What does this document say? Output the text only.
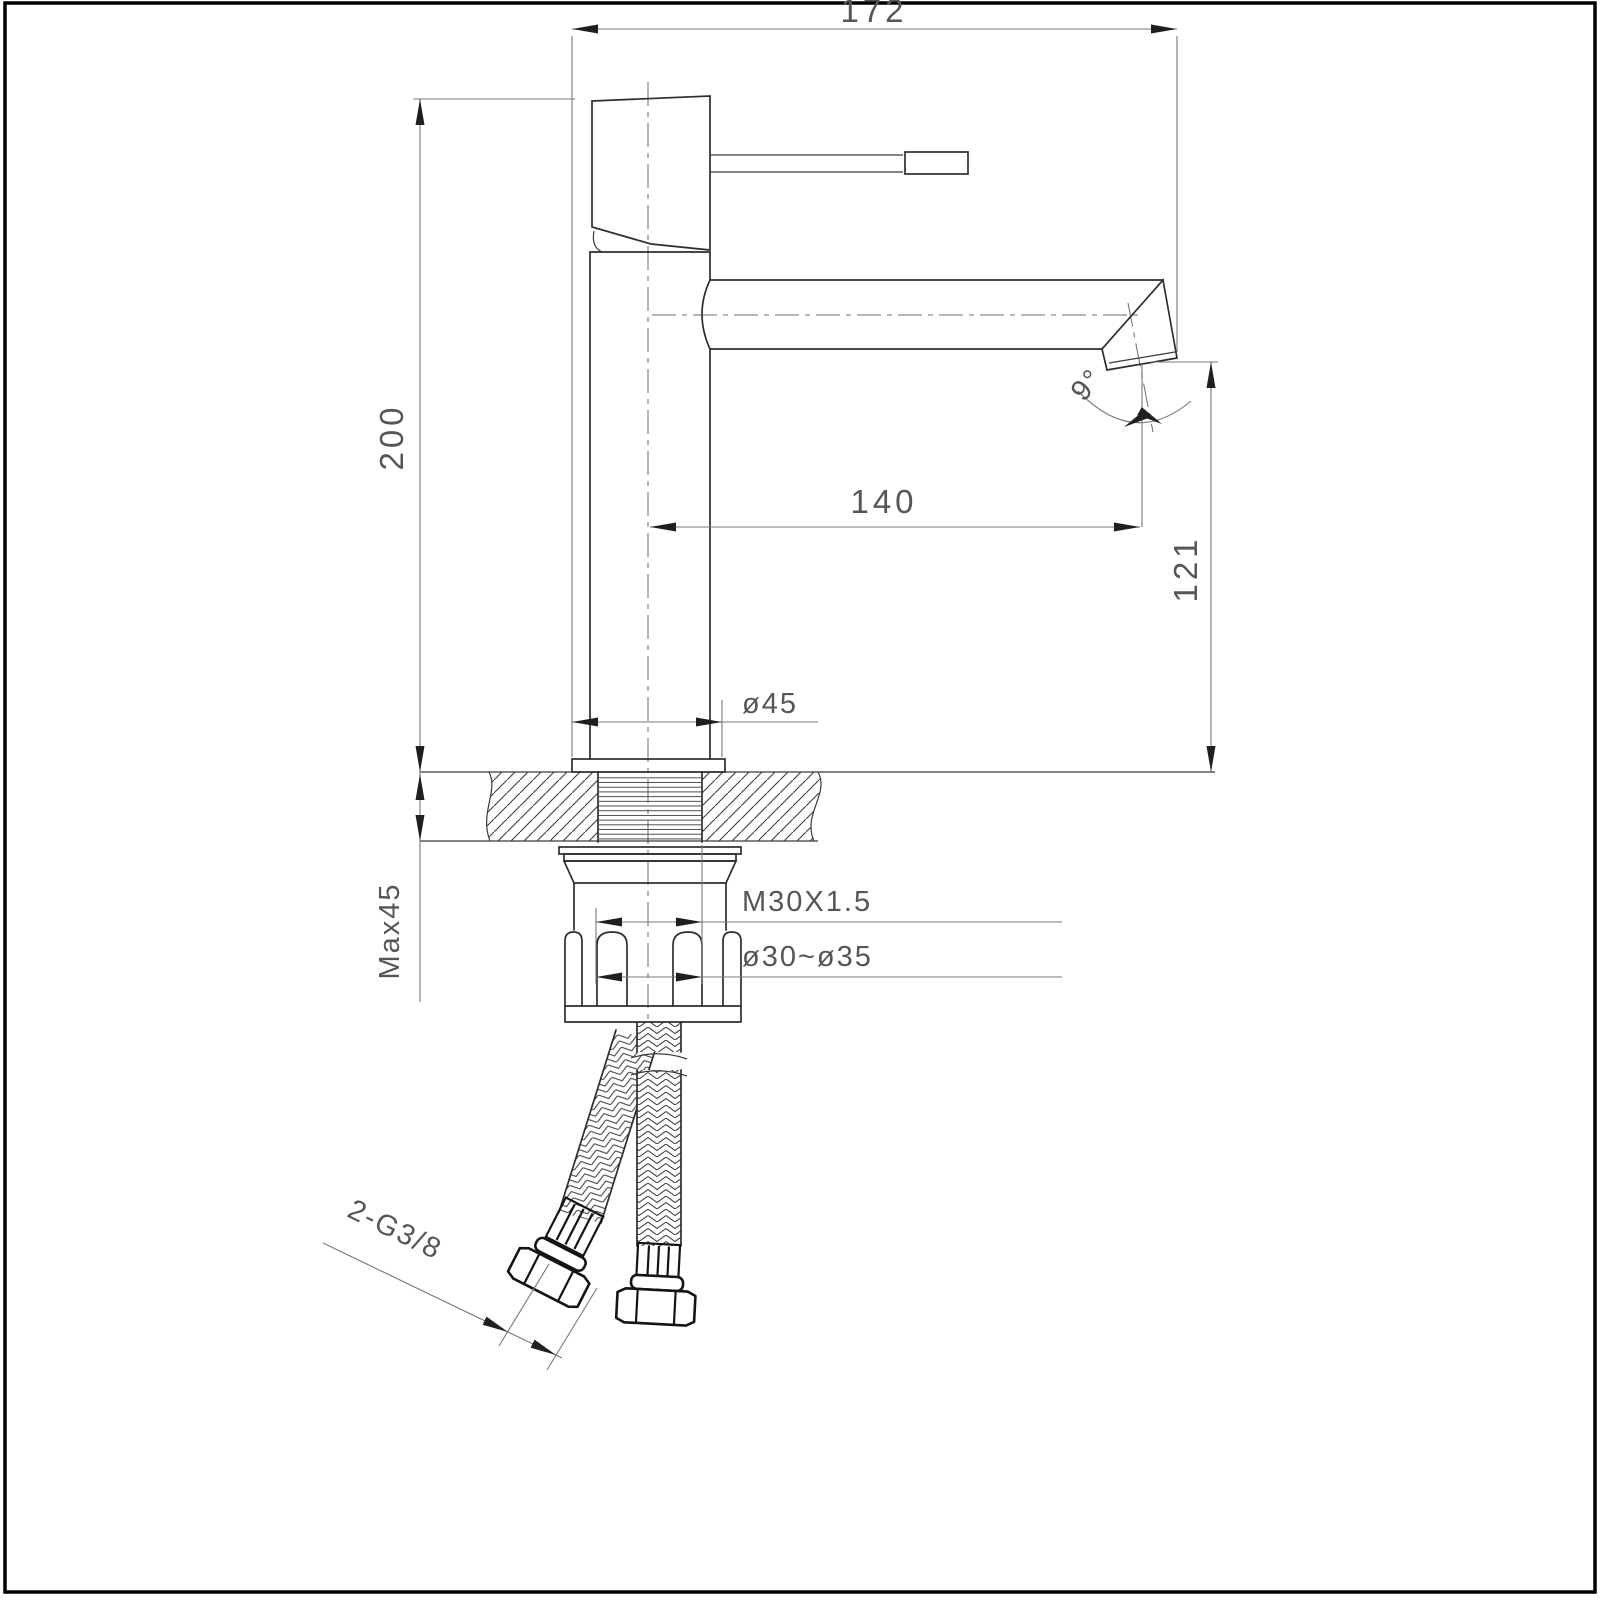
172
200
Max45
140
121
9°
ø45
M30X1.5
ø30~ø35
2-G3/8
